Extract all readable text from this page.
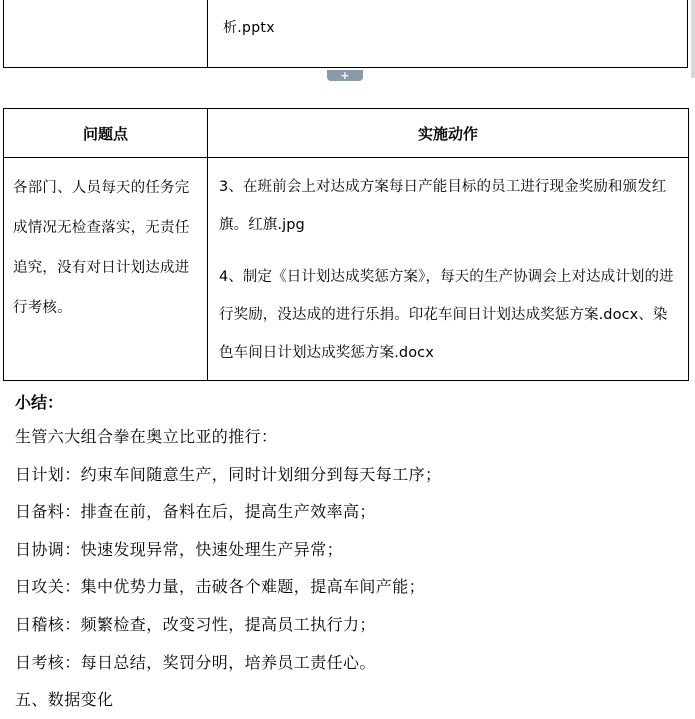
析.pptx
+
问题点	实施动作
各部门、人员每天的任务完成情况无检查落实，无责任追究，没有对日计划达成进行考核。

3、在班前会上对达成方案每日产能目标的员工进行现金奖励和颁发红旗。红旗.jpg

4、制定《日计划达成奖惩方案》，每天的生产协调会上对达成计划的进行奖励，没达成的进行乐捐。印花车间日计划达成奖惩方案.docx、染色车间日计划达成奖惩方案.docx

小结：
生管六大组合拳在奥立比亚的推行：
日计划：约束车间随意生产，同时计划细分到每天每工序；
日备料：排查在前，备料在后，提高生产效率高；
日协调：快速发现异常，快速处理生产异常；
日攻关：集中优势力量，击破各个难题，提高车间产能；
日稽核：频繁检查，改变习性，提高员工执行力；
日考核：每日总结，奖罚分明，培养员工责任心。
五、数据变化
